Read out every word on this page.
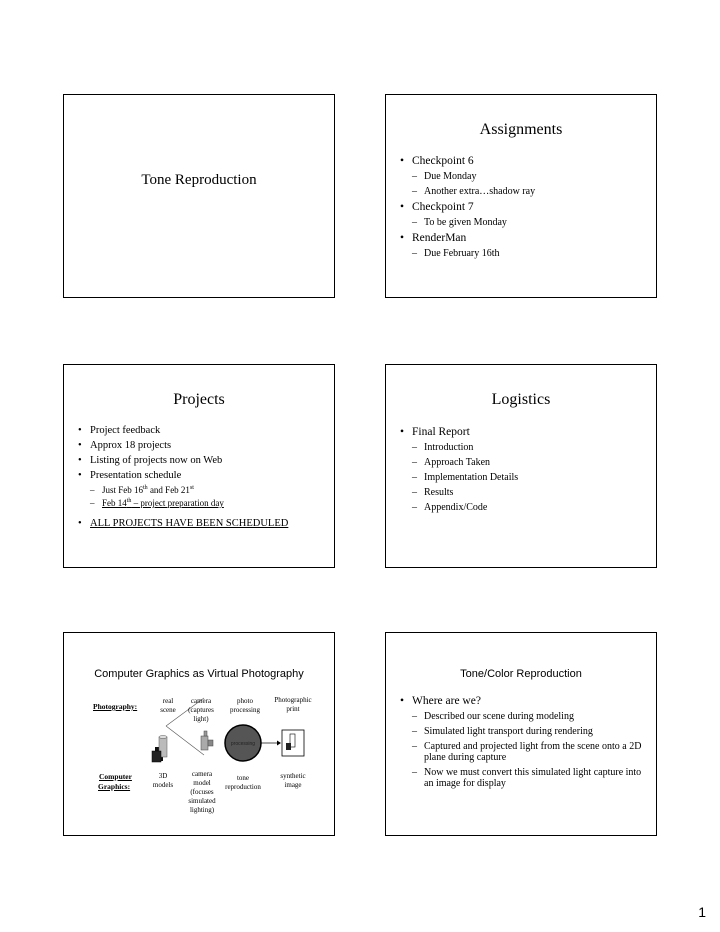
Tone Reproduction
Assignments
• Checkpoint 6
– Due Monday
– Another extra…shadow ray
• Checkpoint 7
– To be given Monday
• RenderMan
– Due February 16th
Projects
• Project feedback
• Approx 18 projects
• Listing of projects now on Web
• Presentation schedule
– Just Feb 16th and Feb 21st
– Feb 14th – project preparation day
• ALL PROJECTS HAVE BEEN SCHEDULED
Logistics
• Final Report
– Introduction
– Approach Taken
– Implementation Details
– Results
– Appendix/Code
Computer Graphics as Virtual Photography
processing
Photography:
real scene
camera (captures light)
photo processing
Photographic print
Computer
Graphics:
3D models
camera model (focuses simulated lighting)
tone reproduction
synthetic image
Tone/Color Reproduction
• Where are we?
– Described our scene during modeling
– Simulated light transport during rendering
– Captured and projected light from the scene onto a 2D plane during capture
– Now we must convert this simulated light capture into an image for display
1
